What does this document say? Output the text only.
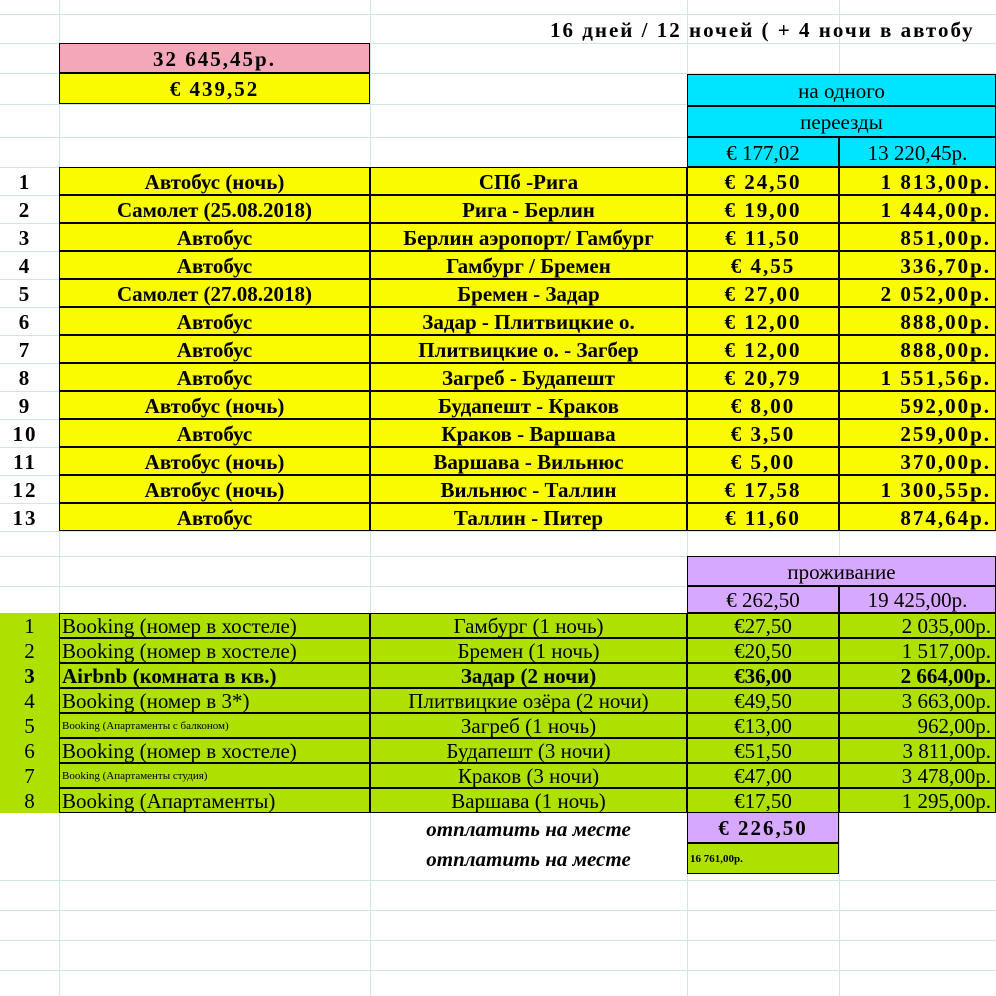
16 дней / 12 ночей ( + 4 ночи в автобу
32 645,45р.
€ 439,52	на одного
переезды
€ 177,02	13 220,45р.
1	Автобус (ночь)	СПб -Рига	€ 24,50	1 813,00р.
2	Самолет (25.08.2018)	Рига - Берлин	€ 19,00	1 444,00р.
3	Автобус	Берлин аэропорт/ Гамбург	€ 11,50	851,00р.
4	Автобус	Гамбург / Бремен	€ 4,55	336,70р.
5	Самолет (27.08.2018)	Бремен - Задар	€ 27,00	2 052,00р.
6	Автобус	Задар - Плитвицкие о.	€ 12,00	888,00р.
7	Автобус	Плитвицкие о. - Загбер	€ 12,00	888,00р.
8	Автобус	Загреб - Будапешт	€ 20,79	1 551,56р.
9	Автобус (ночь)	Будапешт - Краков	€ 8,00	592,00р.
10	Автобус	Краков - Варшава	€ 3,50	259,00р.
11	Автобус (ночь)	Варшава - Вильнюс	€ 5,00	370,00р.
12	Автобус (ночь)	Вильнюс - Таллин	€ 17,58	1 300,55р.
13	Автобус	Таллин - Питер	€ 11,60	874,64р.
проживание
€ 262,50	19 425,00р.
1	Booking (номер в хостеле)	Гамбург (1 ночь)	€27,50	2 035,00р.
2	Booking (номер в хостеле)	Бремен (1 ночь)	€20,50	1 517,00р.
3	Airbnb (комната в кв.)	Задар (2 ночи)	€36,00	2 664,00р.
4	Booking (номер в 3*)	Плитвицкие озёра (2 ночи)	€49,50	3 663,00р.
5	Booking (Апартаменты с балконом)	Загреб (1 ночь)	€13,00	962,00р.
6	Booking (номер в хостеле)	Будапешт (3 ночи)	€51,50	3 811,00р.
7	Booking (Апартаменты студия)	Краков (3 ночи)	€47,00	3 478,00р.
8	Booking (Апартаменты)	Варшава (1 ночь)	€17,50	1 295,00р.
отплатить на месте	€ 226,50
отплатить на месте	16 761,00р.
